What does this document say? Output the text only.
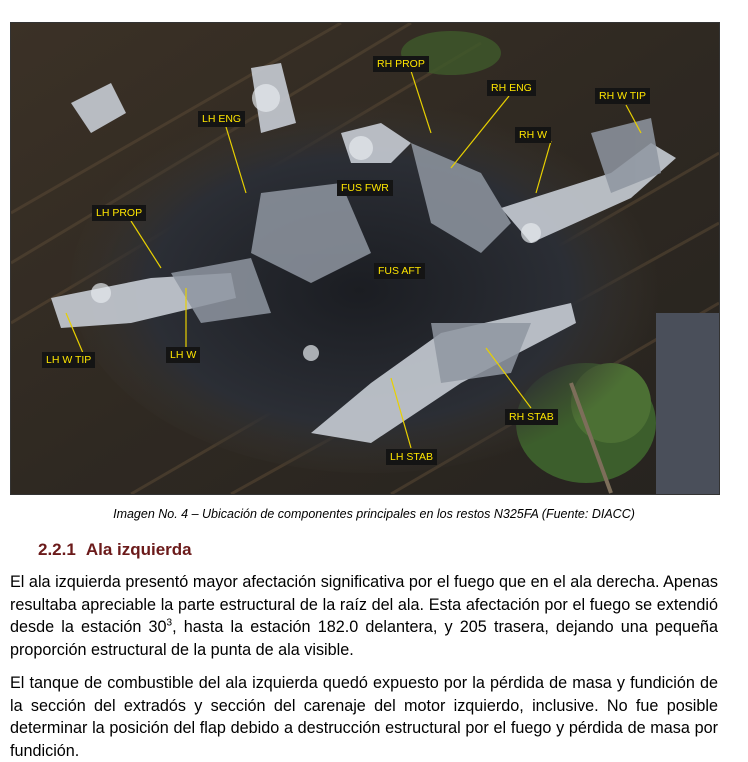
RH PROP
RH ENG
RH W TIP
LH ENG
RH W
FUS FWR
LH PROP
FUS AFT
LH W TIP	LH W
RH STAB
LH STAB
Imagen No. 4 – Ubicación de componentes principales en los restos N325FA (Fuente: DIACC)
2.2.1 Ala izquierda
El ala izquierda presentó mayor afectación significativa por el fuego que en el ala derecha. Apenas resultaba apreciable la parte estructural de la raíz del ala. Esta afectación por el fuego se extendió desde la estación $30^3$, hasta la estación 182.0 delantera, y 205 trasera, dejando una pequeña proporción estructural de la punta de ala visible.
El tanque de combustible del ala izquierda quedó expuesto por la pérdida de masa y fundición de la sección del extradós y sección del carenaje del motor izquierdo, inclusive. No fue posible determinar la posición del flap debido a destrucción estructural por el fuego y pérdida de masa por fundición.
